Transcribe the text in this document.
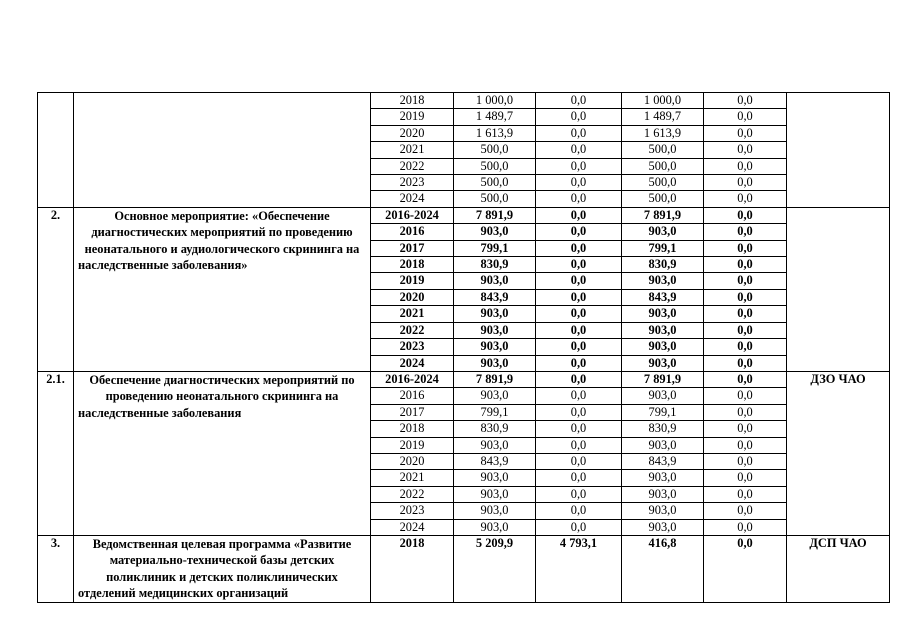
		2018	1 000,0	0,0	1 000,0	0,0	
		2019	1 489,7	0,0	1 489,7	0,0	
		2020	1 613,9	0,0	1 613,9	0,0	
		2021	500,0	0,0	500,0	0,0	
		2022	500,0	0,0	500,0	0,0	
		2023	500,0	0,0	500,0	0,0	
		2024	500,0	0,0	500,0	0,0	
2.	Основное мероприятие: «Обеспечение диагностических мероприятий по проведению неонатального и аудиологического скрининга на наследственные заболевания»	2016-2024	7 891,9	0,0	7 891,9	0,0	
		2016	903,0	0,0	903,0	0,0	
		2017	799,1	0,0	799,1	0,0	
		2018	830,9	0,0	830,9	0,0	
		2019	903,0	0,0	903,0	0,0	
		2020	843,9	0,0	843,9	0,0	
		2021	903,0	0,0	903,0	0,0	
		2022	903,0	0,0	903,0	0,0	
		2023	903,0	0,0	903,0	0,0	
		2024	903,0	0,0	903,0	0,0	
2.1.	Обеспечение диагностических мероприятий по проведению неонатального скрининга на наследственные заболевания	2016-2024	7 891,9	0,0	7 891,9	0,0	ДЗО ЧАО
		2016	903,0	0,0	903,0	0,0	
		2017	799,1	0,0	799,1	0,0	
		2018	830,9	0,0	830,9	0,0	
		2019	903,0	0,0	903,0	0,0	
		2020	843,9	0,0	843,9	0,0	
		2021	903,0	0,0	903,0	0,0	
		2022	903,0	0,0	903,0	0,0	
		2023	903,0	0,0	903,0	0,0	
		2024	903,0	0,0	903,0	0,0	
3.	Ведомственная целевая программа «Развитие материально-технической базы детских поликлиник и детских поликлинических отделений медицинских организаций	2018	5 209,9	4 793,1	416,8	0,0	ДСП ЧАО
